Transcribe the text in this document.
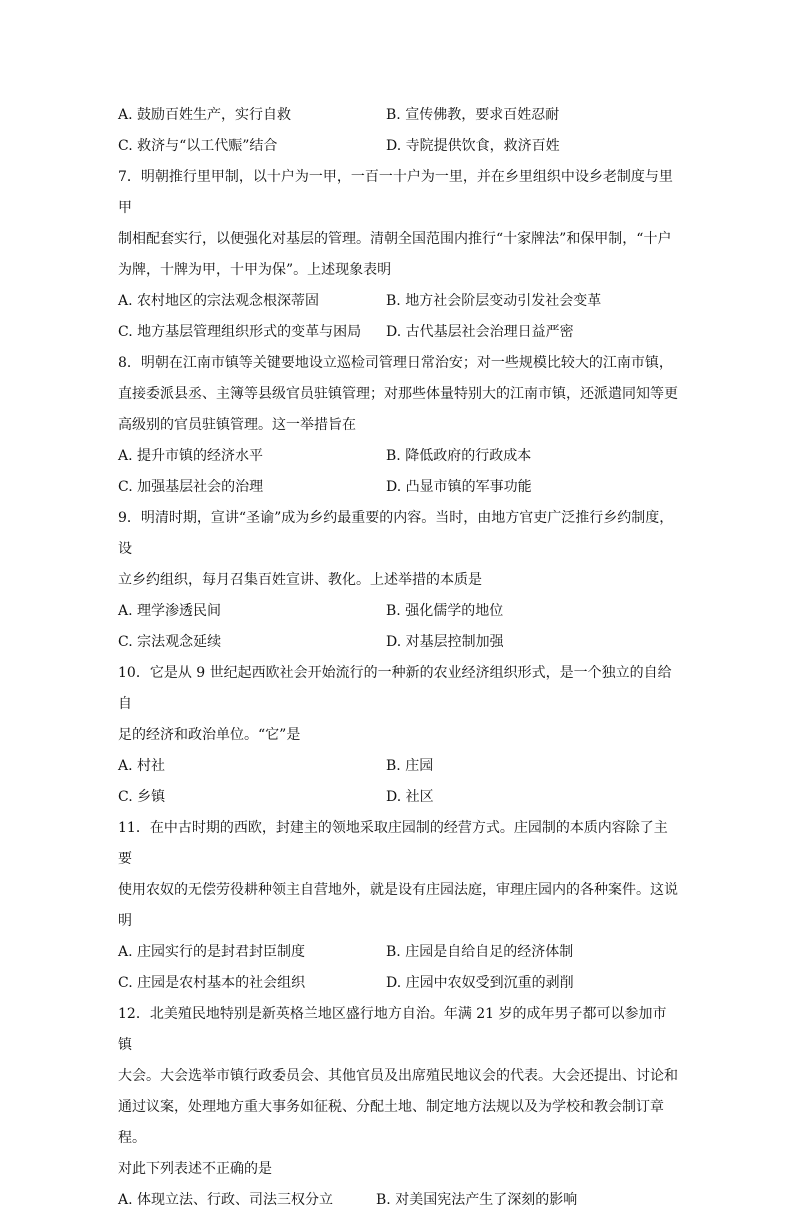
A. 鼓励百姓生产，实行自救	B. 宣传佛教，要求百姓忍耐
C. 救济与“以工代赈”结合	D. 寺院提供饮食，救济百姓

7．明朝推行里甲制，以十户为一甲，一百一十户为一里，并在乡里组织中设乡老制度与里甲

制相配套实行，以便强化对基层的管理。清朝全国范围内推行“十家牌法”和保甲制，“十户

为牌，十牌为甲，十甲为保”。上述现象表明

A. 农村地区的宗法观念根深蒂固	B. 地方社会阶层变动引发社会变革
C. 地方基层管理组织形式的变革与困局 D. 古代基层社会治理日益严密

8．明朝在江南市镇等关键要地设立巡检司管理日常治安；对一些规模比较大的江南市镇，

直接委派县丞、主簿等县级官员驻镇管理；对那些体量特别大的江南市镇，还派遣同知等更

高级别的官员驻镇管理。这一举措旨在

A. 提升市镇的经济水平	B. 降低政府的行政成本
C. 加强基层社会的治理	D. 凸显市镇的军事功能

9．明清时期，宣讲“圣谕”成为乡约最重要的内容。当时，由地方官吏广泛推行乡约制度，设

立乡约组织，每月召集百姓宣讲、教化。上述举措的本质是

A. 理学渗透民间	B. 强化儒学的地位
C. 宗法观念延续	D. 对基层控制加强

10．它是从 9 世纪起西欧社会开始流行的一种新的农业经济组织形式，是一个独立的自给自

足的经济和政治单位。“它”是

A. 村社	B. 庄园
C. 乡镇	D. 社区

11．在中古时期的西欧，封建主的领地采取庄园制的经营方式。庄园制的本质内容除了主要

使用农奴的无偿劳役耕种领主自营地外，就是设有庄园法庭，审理庄园内的各种案件。这说

明

A. 庄园实行的是封君封臣制度	B. 庄园是自给自足的经济体制
C. 庄园是农村基本的社会组织	D. 庄园中农奴受到沉重的剥削

12．北美殖民地特别是新英格兰地区盛行地方自治。年满 21 岁的成年男子都可以参加市镇

大会。大会选举市镇行政委员会、其他官员及出席殖民地议会的代表。大会还提出、讨论和

通过议案，处理地方重大事务如征税、分配土地、制定地方法规以及为学校和教会制订章程。

对此下列表述不正确的是

A. 体现立法、行政、司法三权分立	B. 对美国宪法产生了深刻的影响
